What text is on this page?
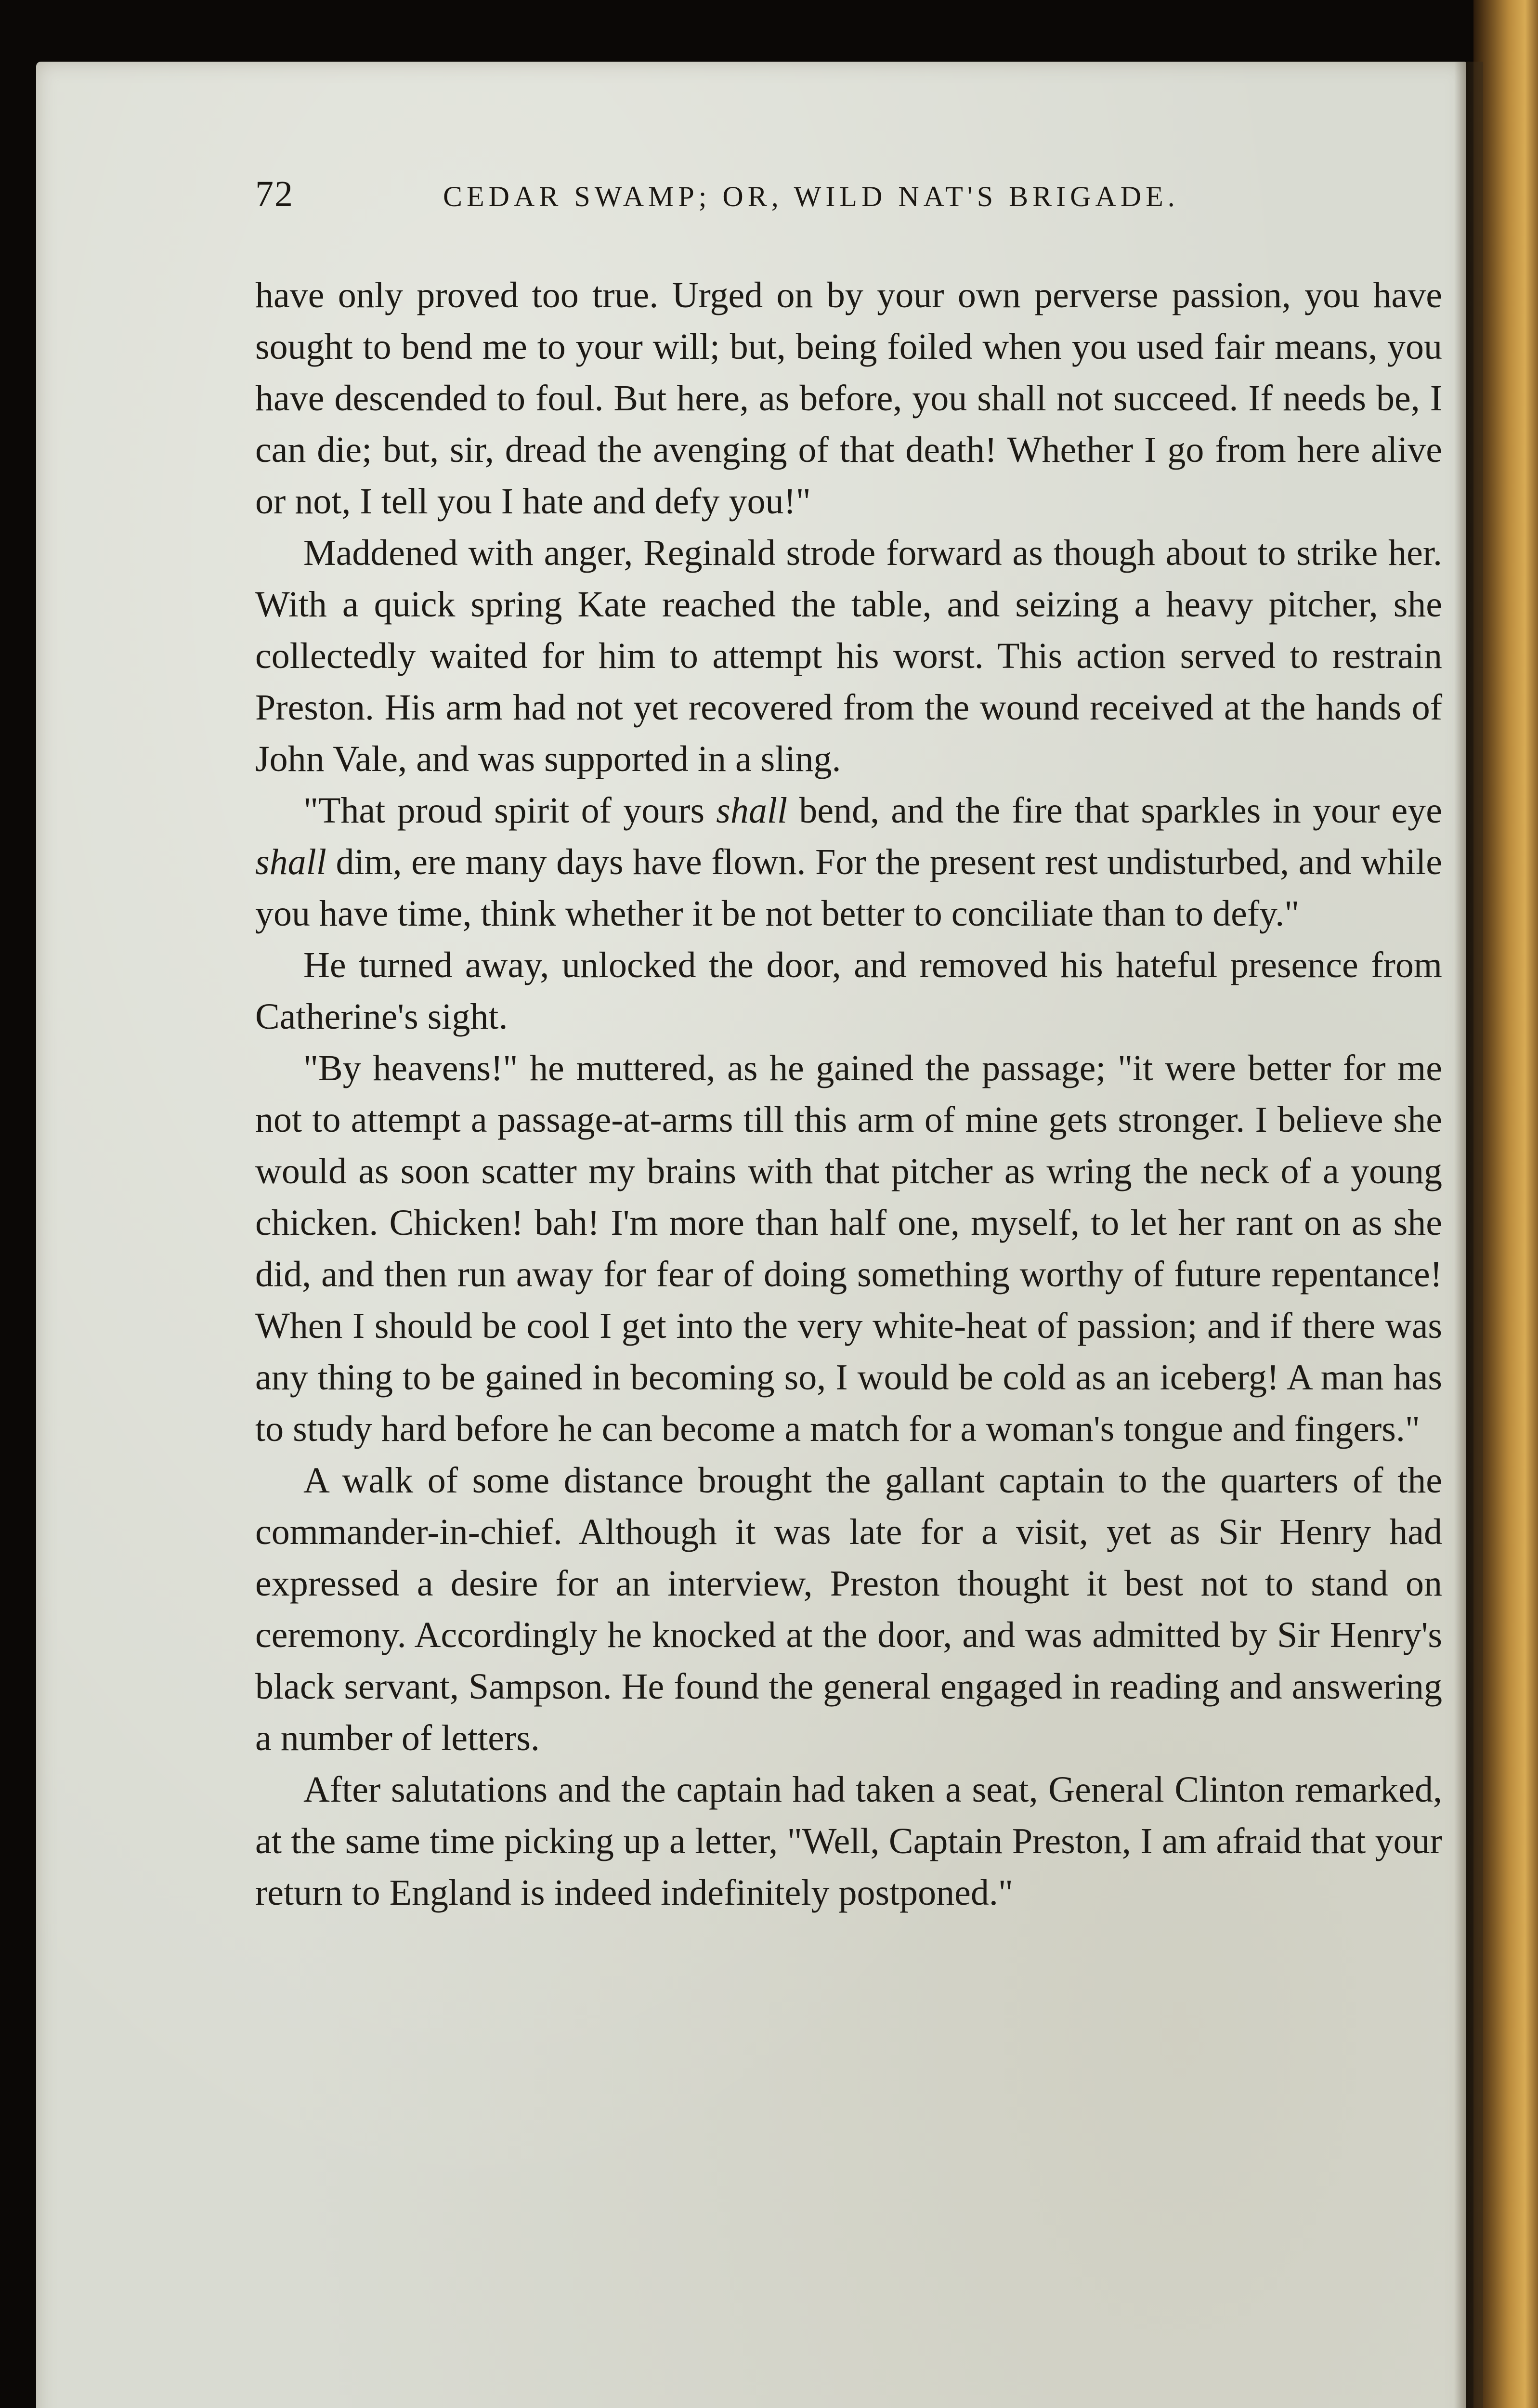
72	CEDAR SWAMP; OR, WILD NAT'S BRIGADE.

have only proved too true. Urged on by your own perverse passion, you have sought to bend me to your will; but, being foiled when you used fair means, you have descended to foul. But here, as before, you shall not succeed. If needs be, I can die; but, sir, dread the avenging of that death! Whether I go from here alive or not, I tell you I hate and defy you!"

Maddened with anger, Reginald strode forward as though about to strike her. With a quick spring Kate reached the table, and seizing a heavy pitcher, she collectedly waited for him to attempt his worst. This action served to restrain Preston. His arm had not yet recovered from the wound received at the hands of John Vale, and was supported in a sling.

"That proud spirit of yours shall bend, and the fire that sparkles in your eye shall dim, ere many days have flown. For the present rest undisturbed, and while you have time, think whether it be not better to conciliate than to defy."

He turned away, unlocked the door, and removed his hateful presence from Catherine's sight.

"By heavens!" he muttered, as he gained the passage; "it were better for me not to attempt a passage-at-arms till this arm of mine gets stronger. I believe she would as soon scatter my brains with that pitcher as wring the neck of a young chicken. Chicken! bah! I'm more than half one, myself, to let her rant on as she did, and then run away for fear of doing something worthy of future repentance! When I should be cool I get into the very white-heat of passion; and if there was any thing to be gained in becoming so, I would be cold as an iceberg! A man has to study hard before he can become a match for a woman's tongue and fingers."

A walk of some distance brought the gallant captain to the quarters of the commander-in-chief. Although it was late for a visit, yet as Sir Henry had expressed a desire for an interview, Preston thought it best not to stand on ceremony. Accordingly he knocked at the door, and was admitted by Sir Henry's black servant, Sampson. He found the general engaged in reading and answering a number of letters.

After salutations and the captain had taken a seat, General Clinton remarked, at the same time picking up a letter, "Well, Captain Preston, I am afraid that your return to England is indeed indefinitely postponed."
